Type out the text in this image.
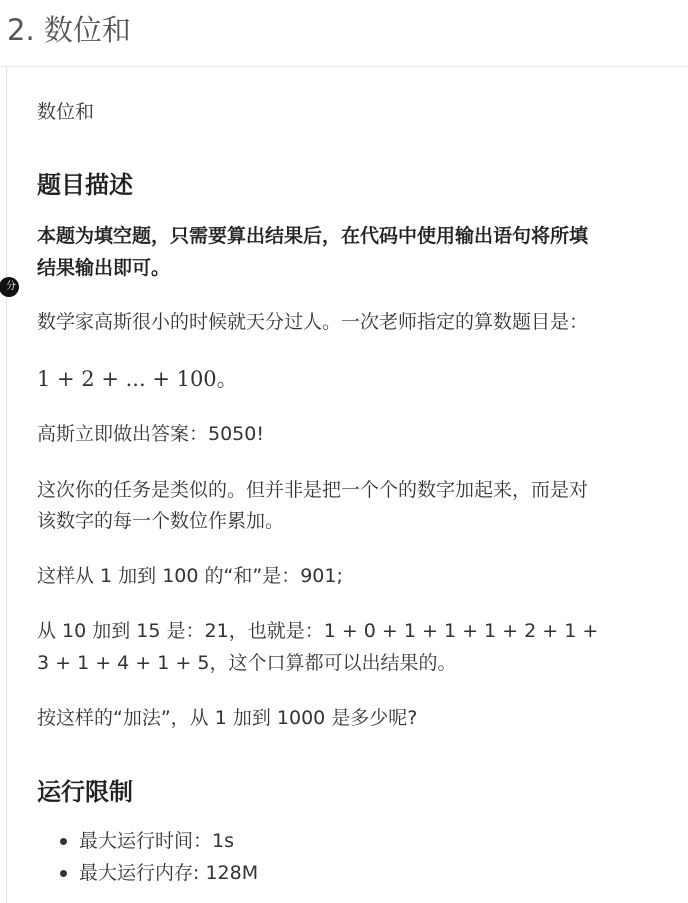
2. 数位和
分
数位和
题目描述
本题为填空题，只需要算出结果后，在代码中使用输出语句将所填
结果输出即可。
数学家高斯很小的时候就天分过人。一次老师指定的算数题目是：
1 + 2 + ... + 100。
高斯立即做出答案：5050!
这次你的任务是类似的。但并非是把一个个的数字加起来，而是对
该数字的每一个数位作累加。
这样从 1 加到 100 的“和”是：901;
从 10 加到 15 是：21，也就是：1 + 0 + 1 + 1 + 1 + 2 + 1 +
3 + 1 + 4 + 1 + 5，这个口算都可以出结果的。
按这样的“加法”，从 1 加到 1000 是多少呢?
运行限制
最大运行时间：1s
最大运行内存: 128M
